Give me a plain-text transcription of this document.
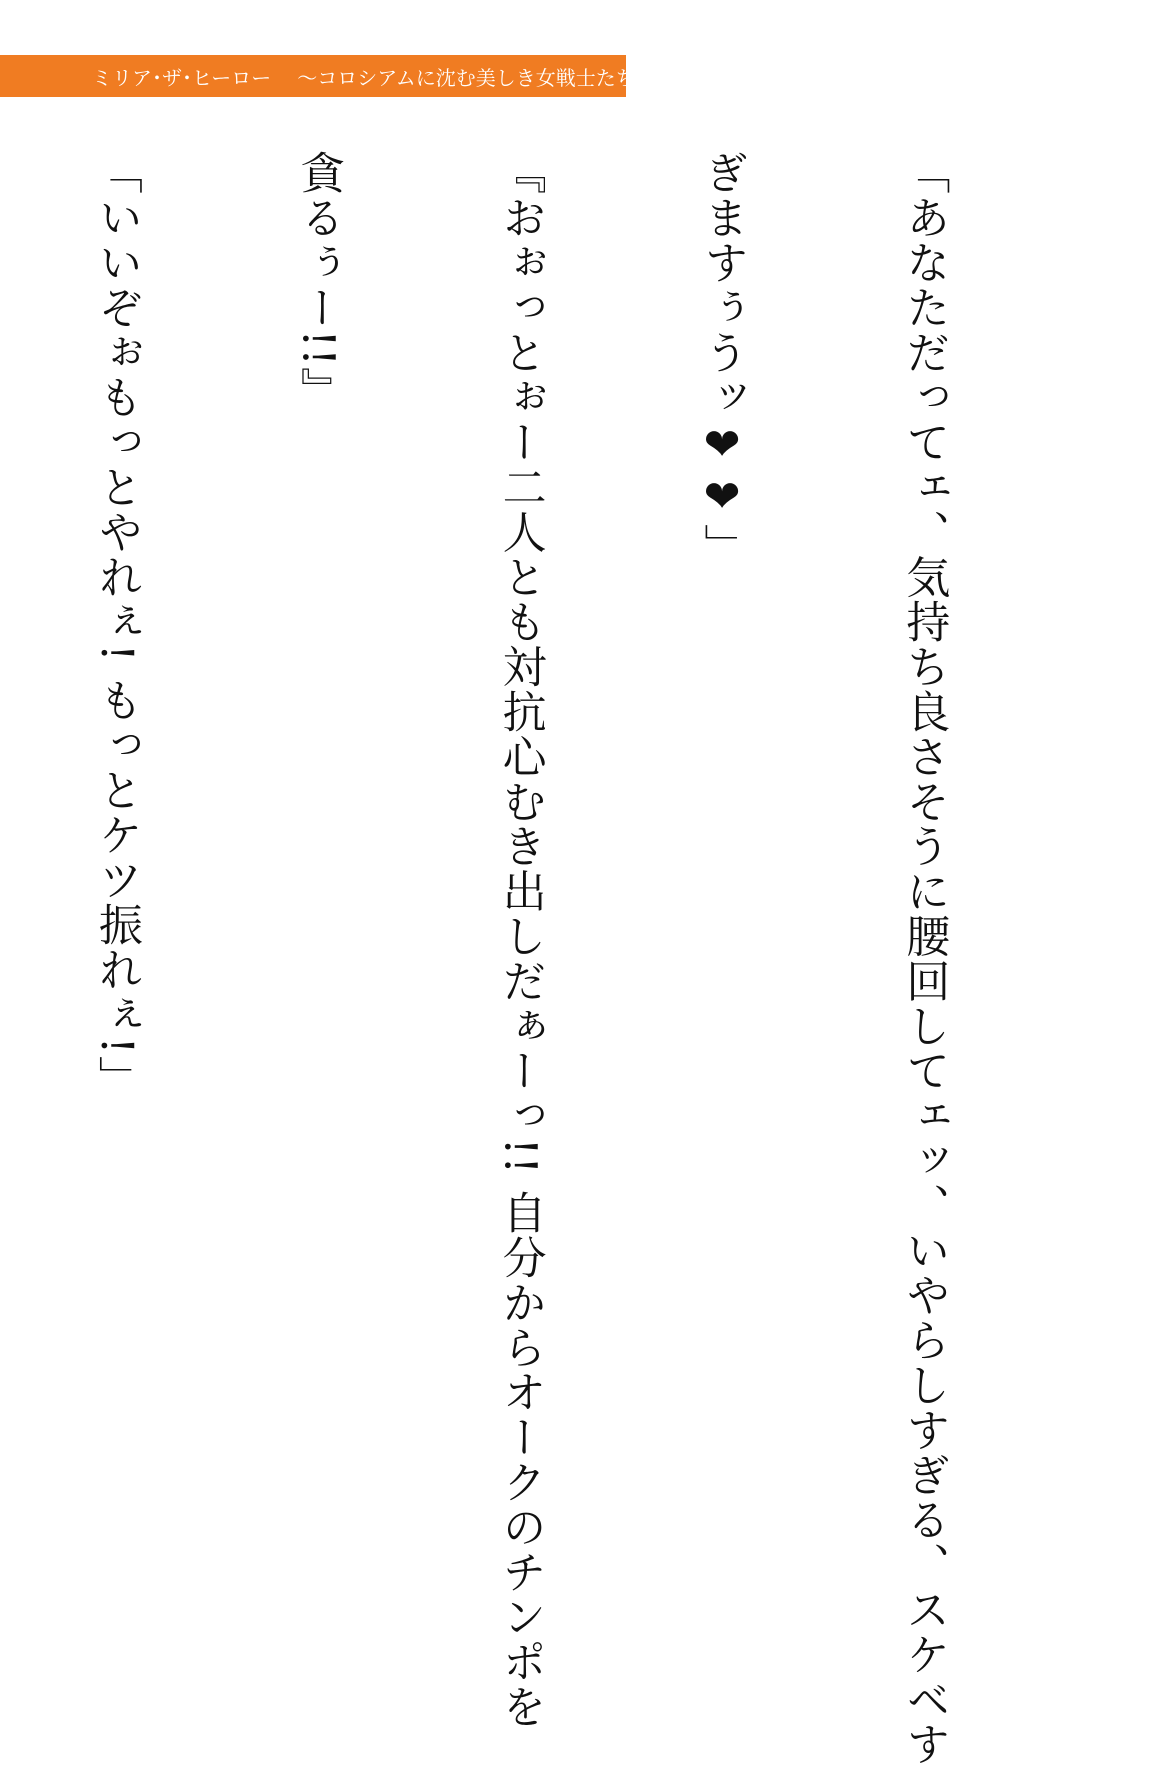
ミリア･ザ･ヒーロー ～コロシアムに沈む美しき女戦士たち～

「あなただってェ、気持ち良さそうに腰回してェッ、いやらしすぎる、スケベす

ぎますぅうッ❤❤」

『おぉっとぉー二人とも対抗心むき出しだぁーっ!! 自分からオークのチンポを

貪るぅー!!』

「いいぞぉもっとやれぇ! もっとケツ振れぇ!」
